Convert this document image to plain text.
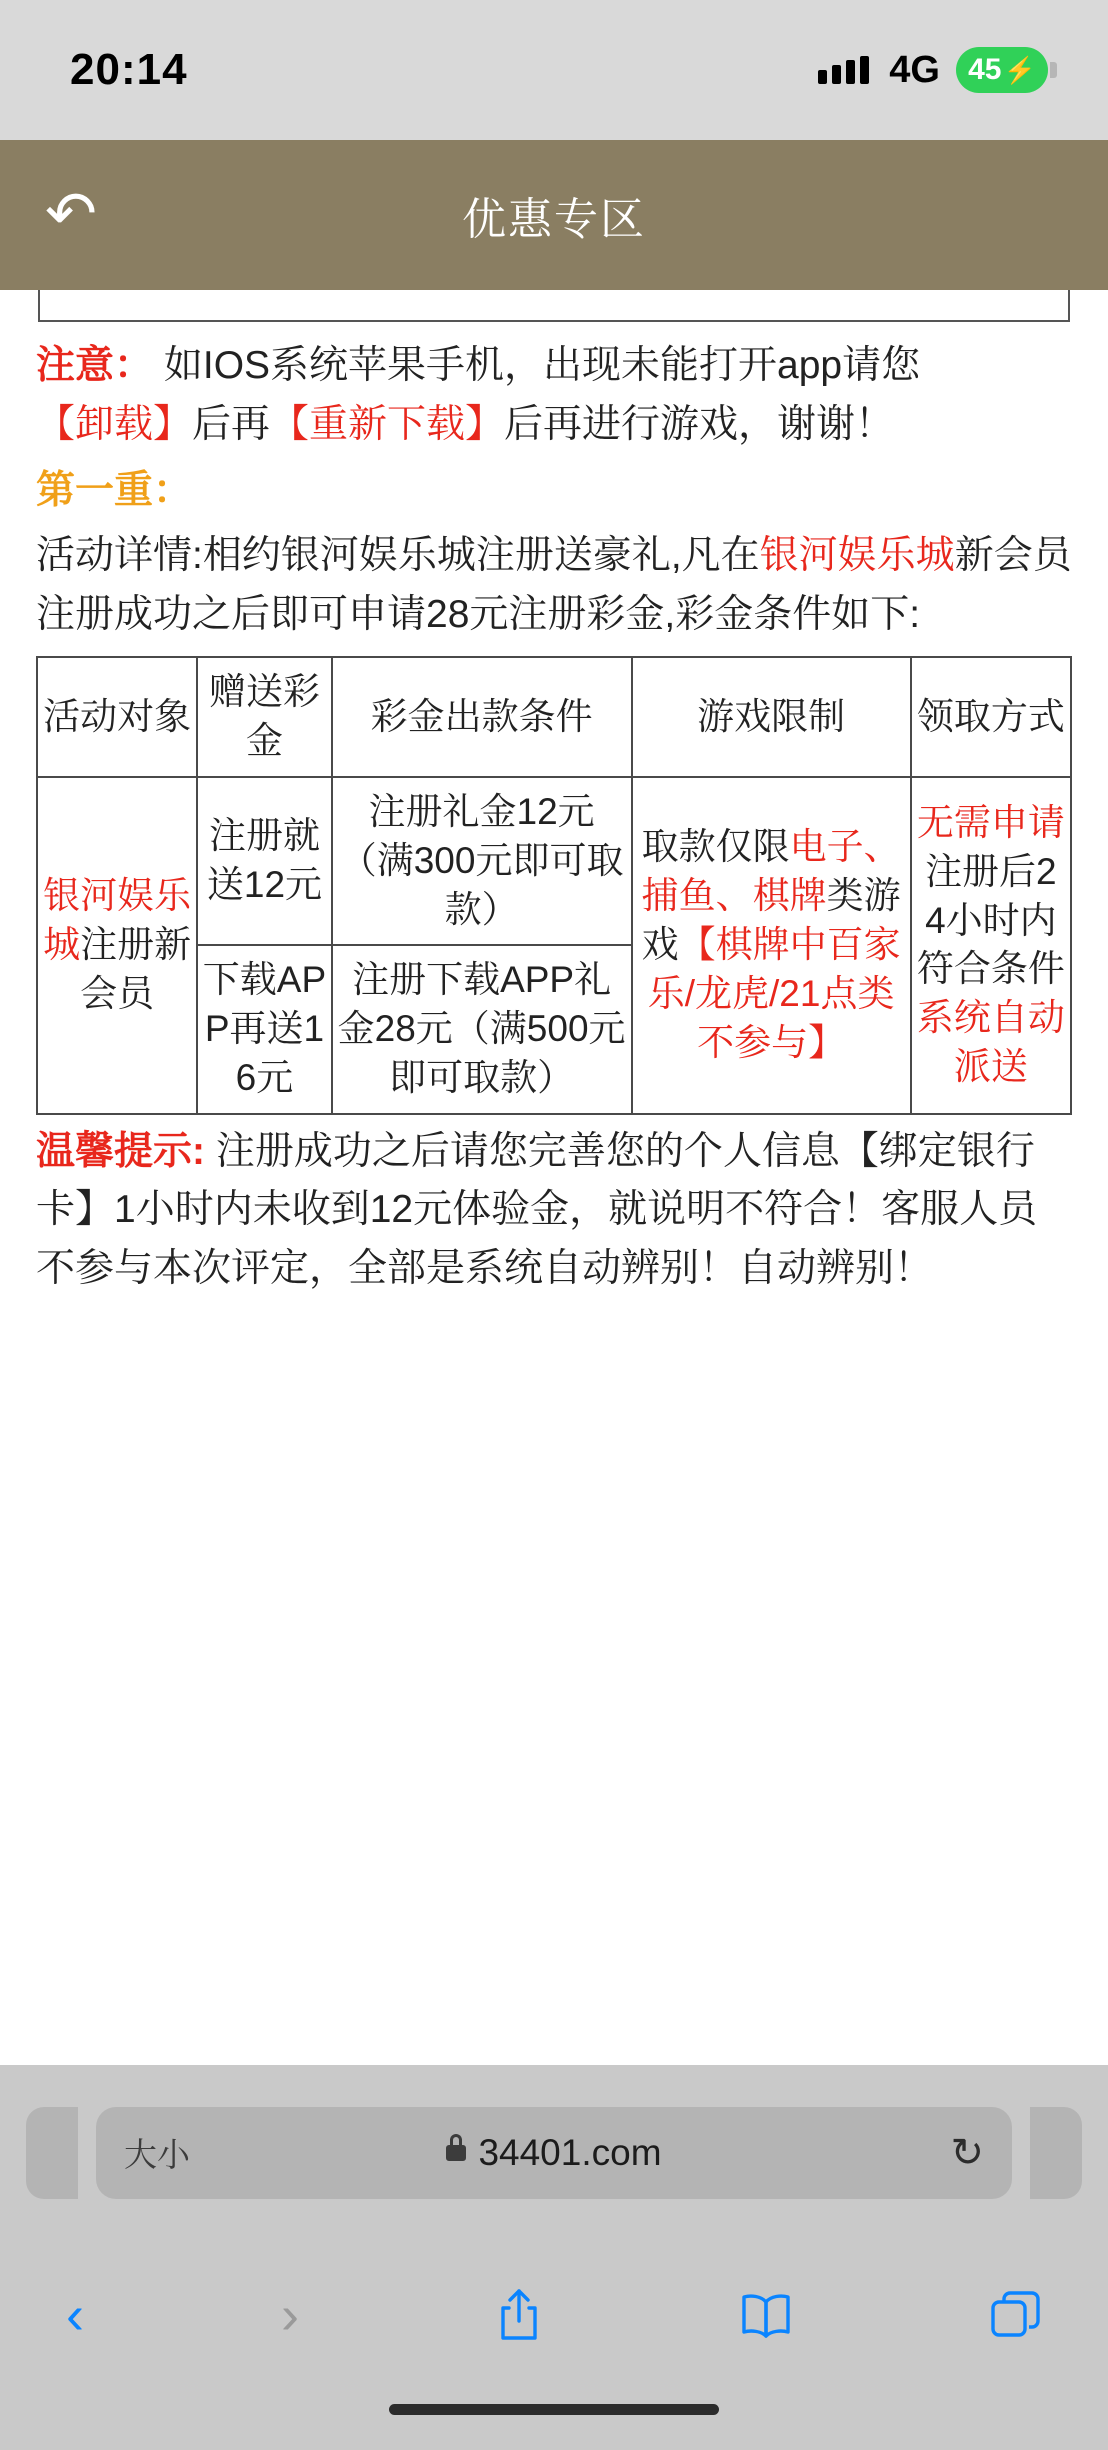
20:14	4G 45 ⚡
↶	优惠专区

注意： 如IOS系统苹果手机，出现未能打开app请您【卸载】后再【重新下载】后再进行游戏，谢谢！

第一重：

活动详情:相约银河娱乐城注册送豪礼,凡在银河娱乐城新会员注册成功之后即可申请28元注册彩金,彩金条件如下:

活动对象	赠送彩金	彩金出款条件	游戏限制	领取方式
银河娱乐城注册新会员	注册就送12元	注册礼金12元（满300元即可取款）	取款仅限电子、捕鱼、棋牌类游戏【棋牌中百家乐/龙虎/21点类不参与】	无需申请注册后24小时内符合条件系统自动派送
	下载APP再送16元	注册下载APP礼金28元（满500元即可取款）		

温馨提示: 注册成功之后请您完善您的个人信息【绑定银行卡】1小时内未收到12元体验金，就说明不符合！客服人员不参与本次评定，全部是系统自动辨别！自动辨别！

大小	34401.com	↻
‹	›
